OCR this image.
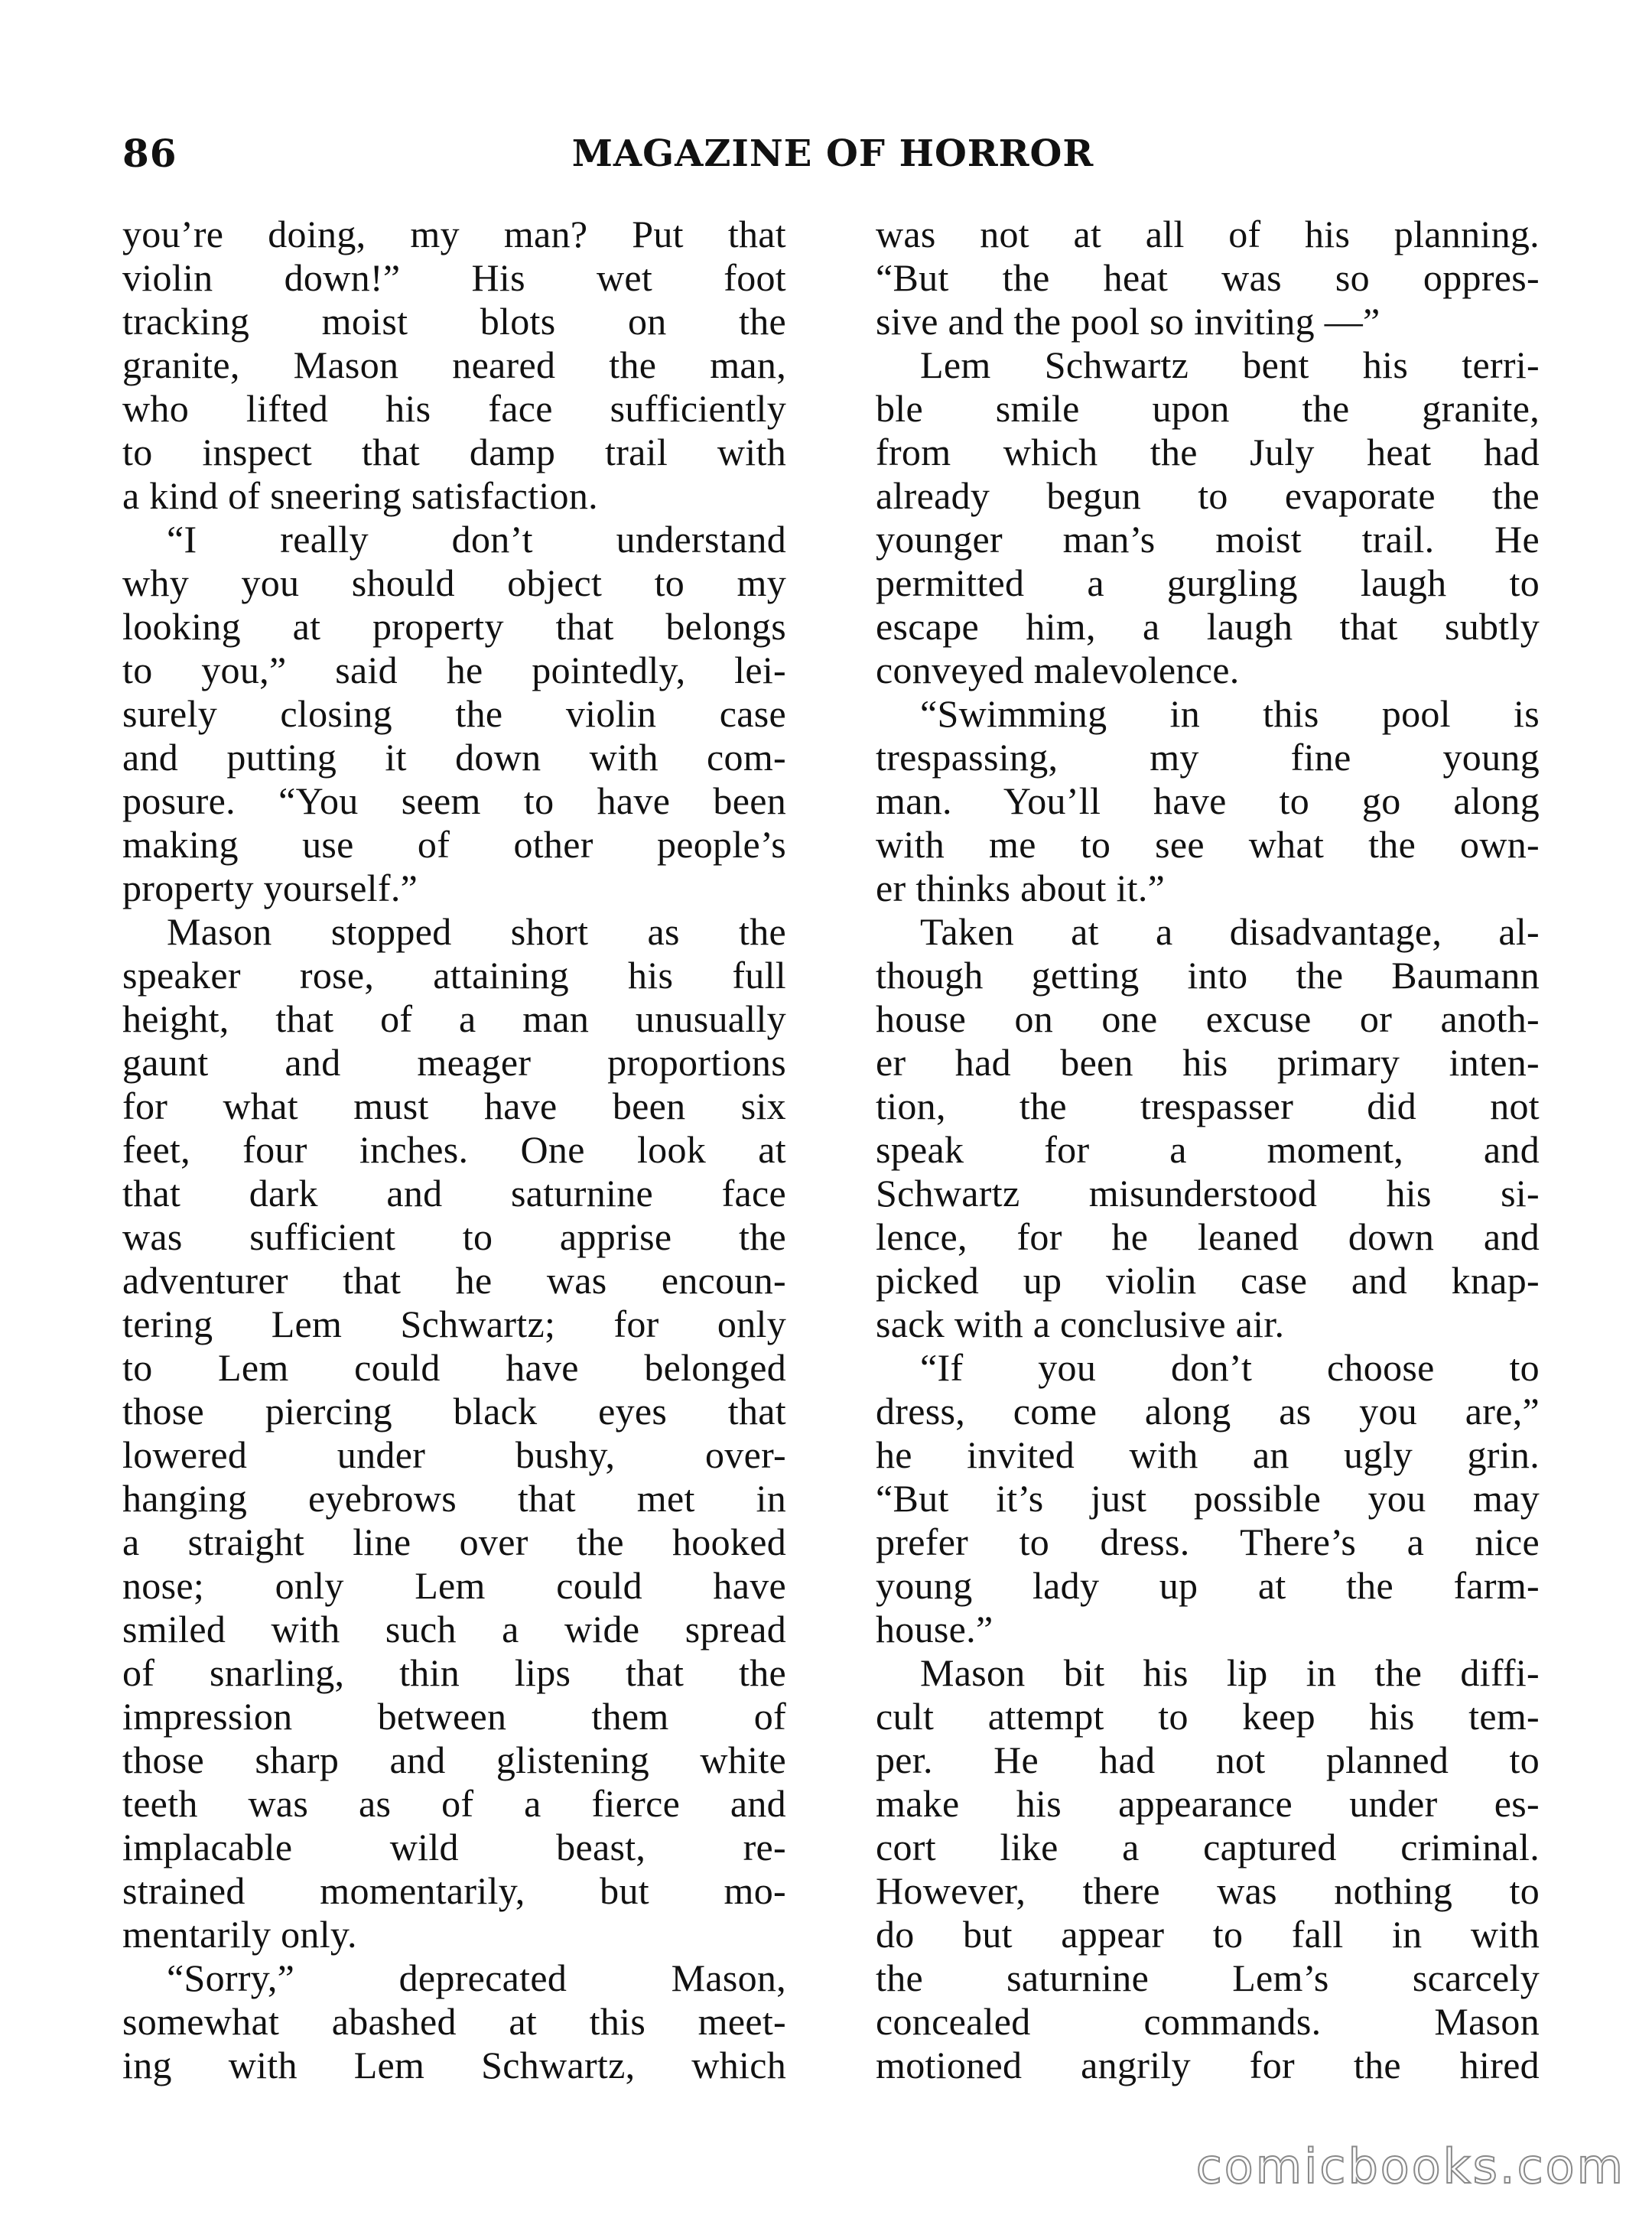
86	MAGAZINE OF HORROR
you’re doing, my man? Put that
violin down!” His wet foot
tracking moist blots on the
granite, Mason neared the man,
who lifted his face sufficiently
to inspect that damp trail with
a kind of sneering satisfaction.
“I really don’t understand
why you should object to my
looking at property that belongs
to you,” said he pointedly, lei-
surely closing the violin case
and putting it down with com-
posure. “You seem to have been
making use of other people’s
property yourself.”
Mason stopped short as the
speaker rose, attaining his full
height, that of a man unusually
gaunt and meager proportions
for what must have been six
feet, four inches. One look at
that dark and saturnine face
was sufficient to apprise the
adventurer that he was encoun-
tering Lem Schwartz; for only
to Lem could have belonged
those piercing black eyes that
lowered under bushy, over-
hanging eyebrows that met in
a straight line over the hooked
nose; only Lem could have
smiled with such a wide spread
of snarling, thin lips that the
impression between them of
those sharp and glistening white
teeth was as of a fierce and
implacable wild beast, re-
strained momentarily, but mo-
mentarily only.
“Sorry,” deprecated Mason,
somewhat abashed at this meet-
ing with Lem Schwartz, which
was not at all of his planning.
“But the heat was so oppres-
sive and the pool so inviting —”
Lem Schwartz bent his terri-
ble smile upon the granite,
from which the July heat had
already begun to evaporate the
younger man’s moist trail. He
permitted a gurgling laugh to
escape him, a laugh that subtly
conveyed malevolence.
“Swimming in this pool is
trespassing, my fine young
man. You’ll have to go along
with me to see what the own-
er thinks about it.”
Taken at a disadvantage, al-
though getting into the Baumann
house on one excuse or anoth-
er had been his primary inten-
tion, the trespasser did not
speak for a moment, and
Schwartz misunderstood his si-
lence, for he leaned down and
picked up violin case and knap-
sack with a conclusive air.
“If you don’t choose to
dress, come along as you are,”
he invited with an ugly grin.
“But it’s just possible you may
prefer to dress. There’s a nice
young lady up at the farm-
house.”
Mason bit his lip in the diffi-
cult attempt to keep his tem-
per. He had not planned to
make his appearance under es-
cort like a captured criminal.
However, there was nothing to
do but appear to fall in with
the saturnine Lem’s scarcely
concealed commands. Mason
motioned angrily for the hired
comicbooks.com
